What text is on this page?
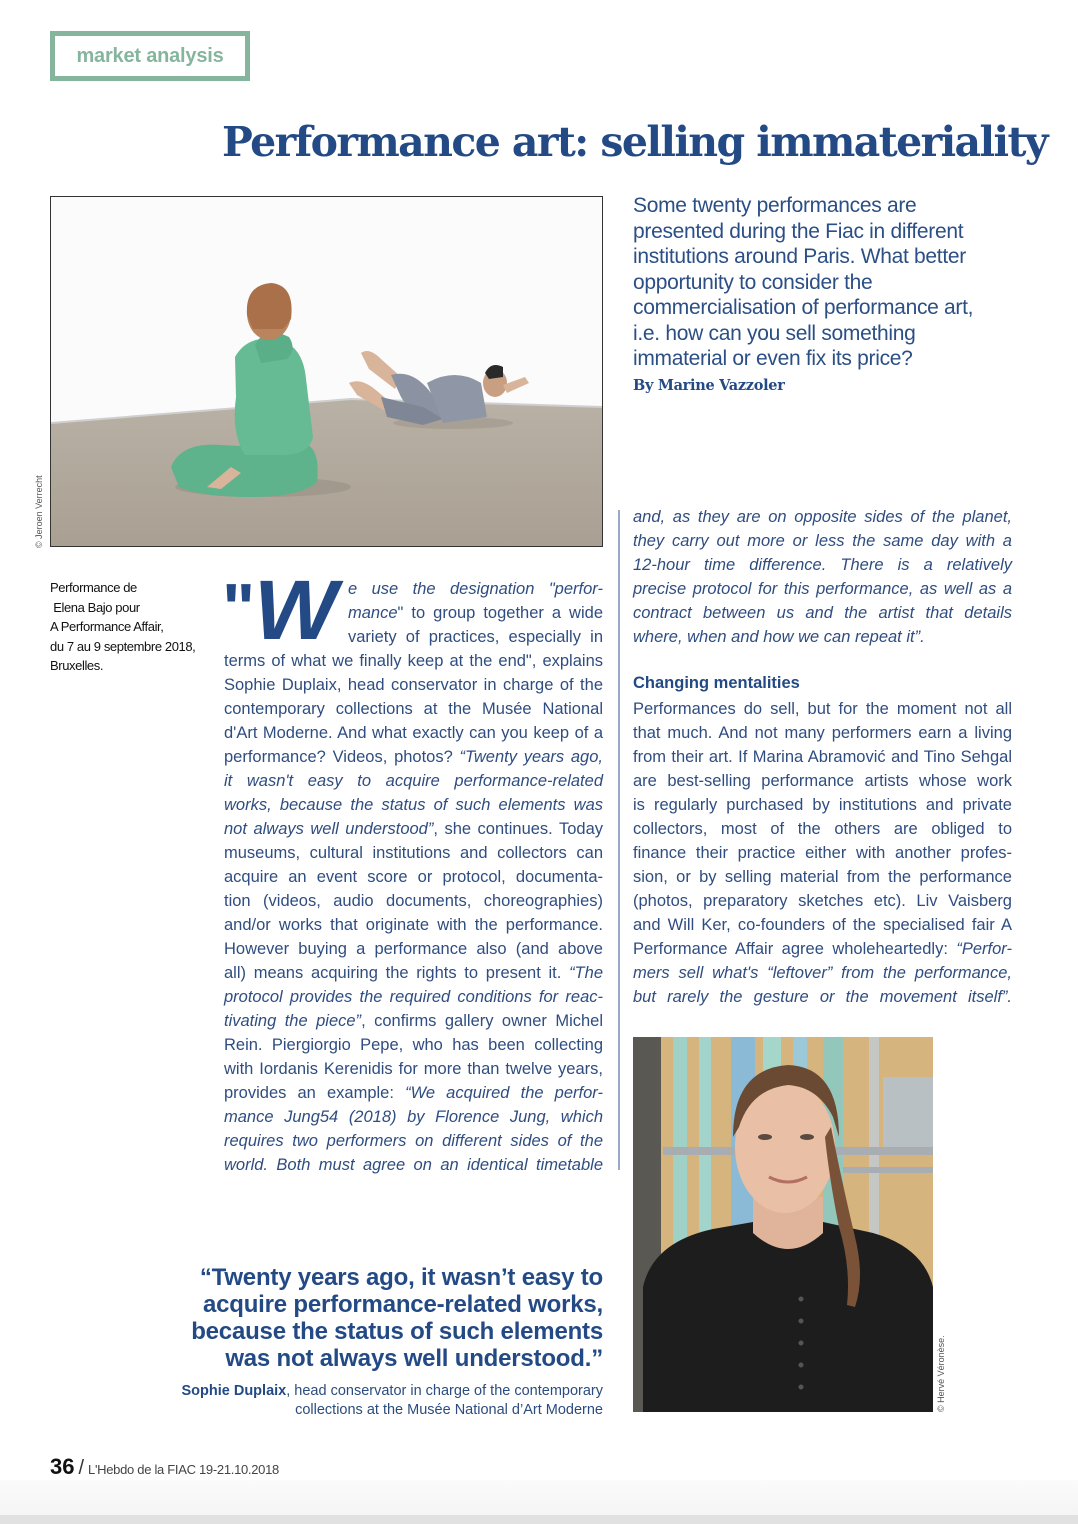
market analysis
Performance art: selling immateriality
© Jeroen Verrecht
Performance de
Elena Bajo pour
A Performance Affair,
du 7 au 9 septembre 2018,
Bruxelles.
Some twenty performances are
presented during the Fiac in different
institutions around Paris. What better
opportunity to consider the
commercialisation of performance art,
i.e. how can you sell something
immaterial or even fix its price?
By Marine Vazzoler
" W e use the designation "perfor-
mance" to group together a wide
variety of practices, especially in
terms of what we finally keep at the end", explains
Sophie Duplaix, head conservator in charge of the
contemporary collections at the Musée National
d'Art Moderne. And what exactly can you keep of a
performance? Videos, photos? “Twenty years ago,
it wasn't easy to acquire performance-related
works, because the status of such elements was
not always well understood”, she continues. Today
museums, cultural institutions and collectors can
acquire an event score or protocol, documenta-
tion (videos, audio documents, choreographies)
and/or works that originate with the performance.
However buying a performance also (and above
all) means acquiring the rights to present it. “The
protocol provides the required conditions for reac-
tivating the piece”, confirms gallery owner Michel
Rein. Piergiorgio Pepe, who has been collecting
with Iordanis Kerenidis for more than twelve years,
provides an example: “We acquired the perfor-
mance Jung54 (2018) by Florence Jung, which
requires two performers on different sides of the
world. Both must agree on an identical timetable
and, as they are on opposite sides of the planet,
they carry out more or less the same day with a
12-hour time difference. There is a relatively
precise protocol for this performance, as well as a
contract between us and the artist that details
where, when and how we can repeat it”.
Changing mentalities
Performances do sell, but for the moment not all
that much. And not many performers earn a living
from their art. If Marina Abramović and Tino Sehgal
are best-selling performance artists whose work
is regularly purchased by institutions and private
collectors, most of the others are obliged to
finance their practice either with another profes-
sion, or by selling material from the performance
(photos, preparatory sketches etc). Liv Vaisberg
and Will Ker, co-founders of the specialised fair A
Performance Affair agree wholeheartedly: “Perfor-
mers sell what's “leftover” from the performance,
but rarely the gesture or the movement itself”.
© Hervé Véronèse.
“Twenty years ago, it wasn’t easy to
acquire performance-related works,
because the status of such elements
was not always well understood.”
Sophie Duplaix, head conservator in charge of the contemporary
collections at the Musée National d’Art Moderne
36 / L'Hebdo de la FIAC 19-21.10.2018
